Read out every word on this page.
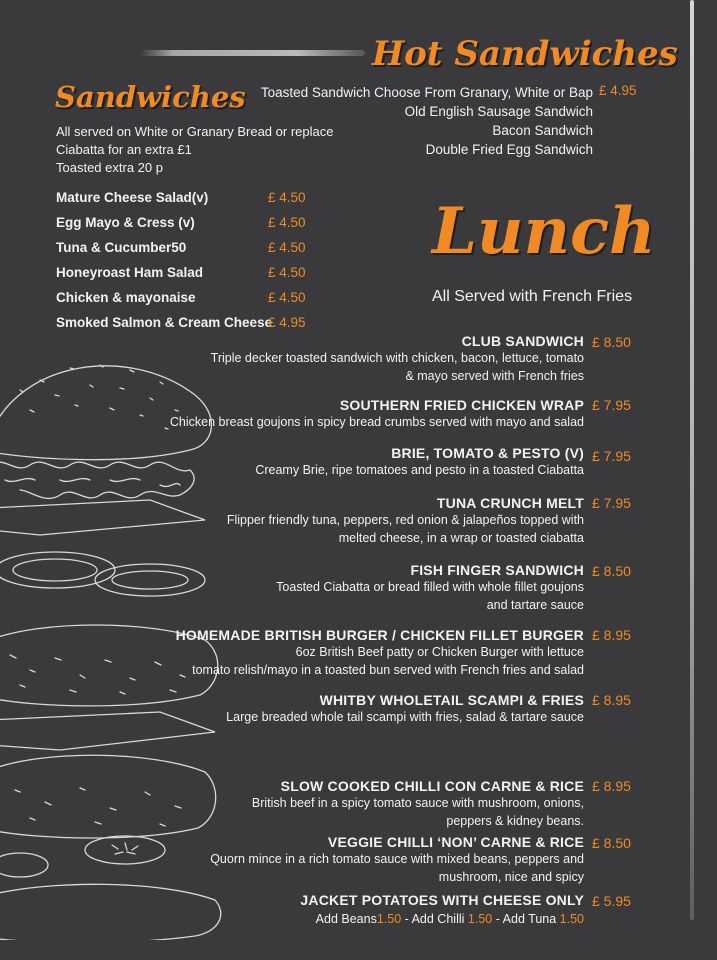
Hot Sandwiches
Toasted Sandwich Choose From Granary, White or Bap
Old English Sausage Sandwich
Bacon Sandwich
Double Fried Egg Sandwich
£ 4.95
Sandwiches
All served on White or Granary Bread or replace
Ciabatta for an extra £1
Toasted extra 20 p
Mature Cheese Salad(v)	£ 4.50
Egg Mayo & Cress (v)	£ 4.50
Tuna & Cucumber50	£ 4.50
Honeyroast Ham Salad	£ 4.50
Chicken & mayonaise	£ 4.50
Smoked Salmon & Cream Cheese
£ 4.95
Lunch
All Served with French Fries
CLUB SANDWICH
Triple decker toasted sandwich with chicken, bacon, lettuce, tomato
& mayo served with French fries
£ 8.50
SOUTHERN FRIED CHICKEN WRAP
Chicken breast goujons in spicy bread crumbs served with mayo and salad
£ 7.95
BRIE, TOMATO & PESTO (V)
Creamy Brie, ripe tomatoes and pesto in a toasted Ciabatta
£ 7.95
TUNA CRUNCH MELT
Flipper friendly tuna, peppers, red onion & jalapeños topped with
melted cheese, in a wrap or toasted ciabatta
£ 7.95
FISH FINGER SANDWICH
Toasted Ciabatta or bread filled with whole fillet goujons
and tartare sauce
£ 8.50
HOMEMADE BRITISH BURGER / CHICKEN FILLET BURGER
6oz British Beef patty or Chicken Burger with lettuce
tomato relish/mayo in a toasted bun served with French fries and salad
£ 8.95
WHITBY WHOLETAIL SCAMPI & FRIES
Large breaded whole tail scampi with fries, salad & tartare sauce
£ 8.95
SLOW COOKED CHILLI CON CARNE & RICE
British beef in a spicy tomato sauce with mushroom, onions,
peppers & kidney beans.
£ 8.95
VEGGIE CHILLI ‘NON’ CARNE & RICE
Quorn mince in a rich tomato sauce with mixed beans, peppers and
mushroom, nice and spicy
£ 8.50
JACKET POTATOES WITH CHEESE ONLY
Add Beans1.50 - Add Chilli 1.50 - Add Tuna 1.50
£ 5.95
